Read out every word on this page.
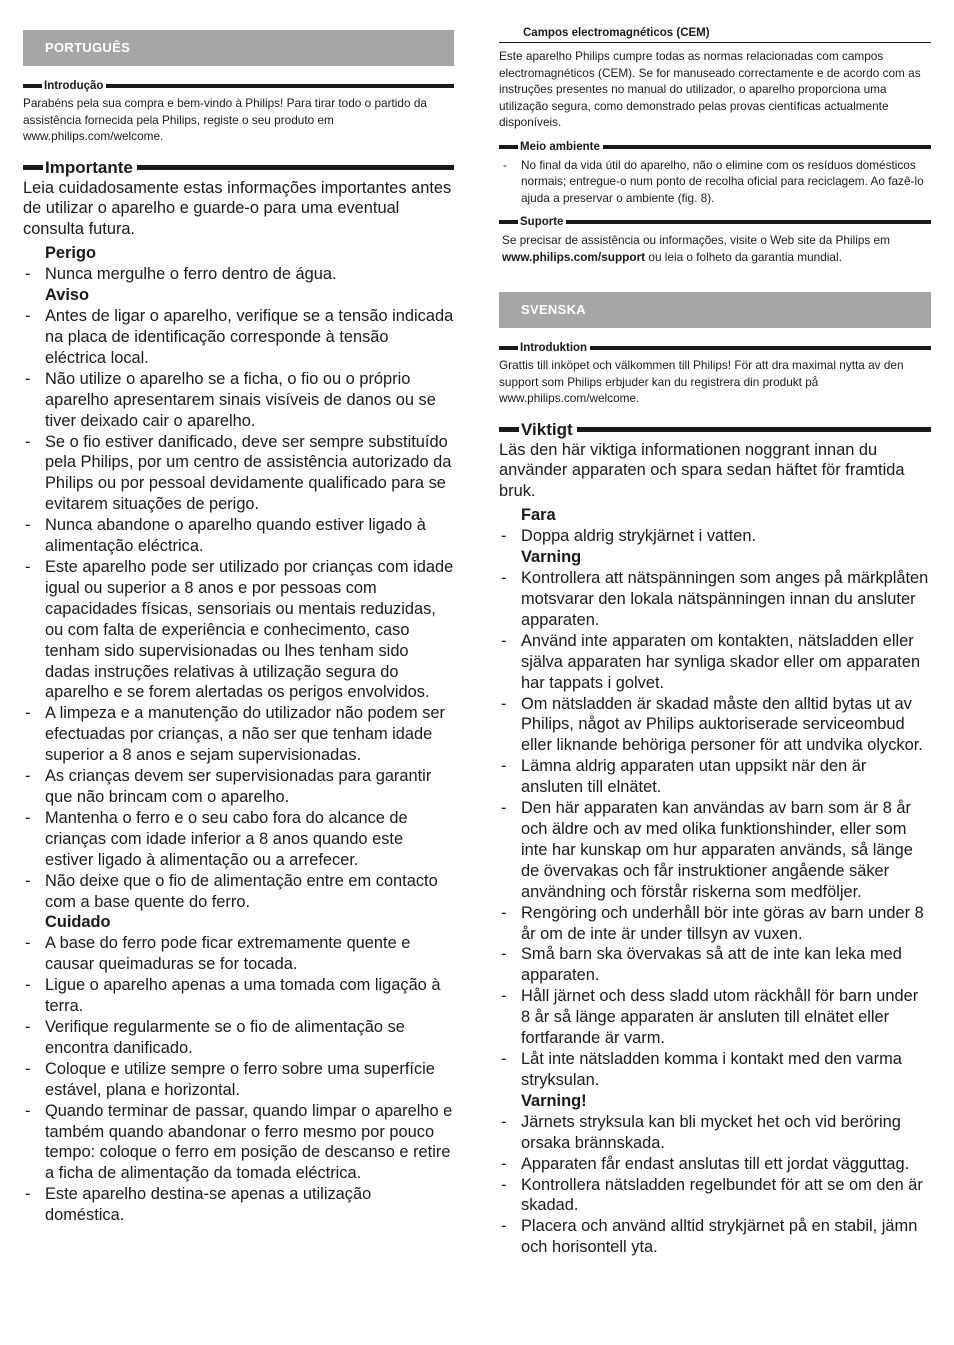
PORTUGUÊS
Introdução

Parabéns pela sua compra e bem-vindo à Philips! Para tirar todo o partido da assistência fornecida pela Philips, registe o seu produto em www.philips.com/welcome.

Importante

Leia cuidadosamente estas informações importantes antes de utilizar o aparelho e guarde-o para uma eventual consulta futura.

Perigo
- Nunca mergulhe o ferro dentro de água.
Aviso
- Antes de ligar o aparelho, verifique se a tensão indicada na placa de identificação corresponde à tensão eléctrica local.
- Não utilize o aparelho se a ficha, o fio ou o próprio aparelho apresentarem sinais visíveis de danos ou se tiver deixado cair o aparelho.
- Se o fio estiver danificado, deve ser sempre substituído pela Philips, por um centro de assistência autorizado da Philips ou por pessoal devidamente qualificado para se evitarem situações de perigo.
- Nunca abandone o aparelho quando estiver ligado à alimentação eléctrica.
- Este aparelho pode ser utilizado por crianças com idade igual ou superior a 8 anos e por pessoas com capacidades físicas, sensoriais ou mentais reduzidas, ou com falta de experiência e conhecimento, caso tenham sido supervisionadas ou lhes tenham sido dadas instruções relativas à utilização segura do aparelho e se forem alertadas os perigos envolvidos.
- A limpeza e a manutenção do utilizador não podem ser efectuadas por crianças, a não ser que tenham idade superior a 8 anos e sejam supervisionadas.
- As crianças devem ser supervisionadas para garantir que não brincam com o aparelho.
- Mantenha o ferro e o seu cabo fora do alcance de crianças com idade inferior a 8 anos quando este estiver ligado à alimentação ou a arrefecer.
- Não deixe que o fio de alimentação entre em contacto com a base quente do ferro.
Cuidado
- A base do ferro pode ficar extremamente quente e causar queimaduras se for tocada.
- Ligue o aparelho apenas a uma tomada com ligação à terra.
- Verifique regularmente se o fio de alimentação se encontra danificado.
- Coloque e utilize sempre o ferro sobre uma superfície estável, plana e horizontal.
- Quando terminar de passar, quando limpar o aparelho e também quando abandonar o ferro mesmo por pouco tempo: coloque o ferro em posição de descanso e retire a ficha de alimentação da tomada eléctrica.
- Este aparelho destina-se apenas a utilização doméstica.
Campos electromagnéticos (CEM)

Este aparelho Philips cumpre todas as normas relacionadas com campos electromagnéticos (CEM). Se for manuseado correctamente e de acordo com as instruções presentes no manual do utilizador, o aparelho proporciona uma utilização segura, como demonstrado pelas provas científicas actualmente disponíveis.

Meio ambiente
- No final da vida útil do aparelho, não o elimine com os resíduos domésticos normais; entregue-o num ponto de recolha oficial para reciclagem. Ao fazê-lo ajuda a preservar o ambiente (fig. 8).
Suporte

Se precisar de assistência ou informações, visite o Web site da Philips em
www.philips.com/support ou leia o folheto da garantia mundial.

SVENSKA
Introduktion

Grattis till inköpet och välkommen till Philips! För att dra maximal nytta av den support som Philips erbjuder kan du registrera din produkt på www.philips.com/welcome.

Viktigt

Läs den här viktiga informationen noggrant innan du använder apparaten och spara sedan häftet för framtida bruk.

Fara
- Doppa aldrig strykjärnet i vatten.
Varning
- Kontrollera att nätspänningen som anges på märkplåten motsvarar den lokala nätspänningen innan du ansluter apparaten.
- Använd inte apparaten om kontakten, nätsladden eller själva apparaten har synliga skador eller om apparaten har tappats i golvet.
- Om nätsladden är skadad måste den alltid bytas ut av Philips, något av Philips auktoriserade serviceombud eller liknande behöriga personer för att undvika olyckor.
- Lämna aldrig apparaten utan uppsikt när den är ansluten till elnätet.
- Den här apparaten kan användas av barn som är 8 år och äldre och av med olika funktionshinder, eller som inte har kunskap om hur apparaten används, så länge de övervakas och får instruktioner angående säker användning och förstår riskerna som medföljer.
- Rengöring och underhåll bör inte göras av barn under 8 år om de inte är under tillsyn av vuxen.
- Små barn ska övervakas så att de inte kan leka med apparaten.
- Håll järnet och dess sladd utom räckhåll för barn under 8 år så länge apparaten är ansluten till elnätet eller fortfarande är varm.
- Låt inte nätsladden komma i kontakt med den varma stryksulan.
Varning!
- Järnets stryksula kan bli mycket het och vid beröring orsaka brännskada.
- Apparaten får endast anslutas till ett jordat vägguttag.
- Kontrollera nätsladden regelbundet för att se om den är skadad.
- Placera och använd alltid strykjärnet på en stabil, jämn och horisontell yta.
